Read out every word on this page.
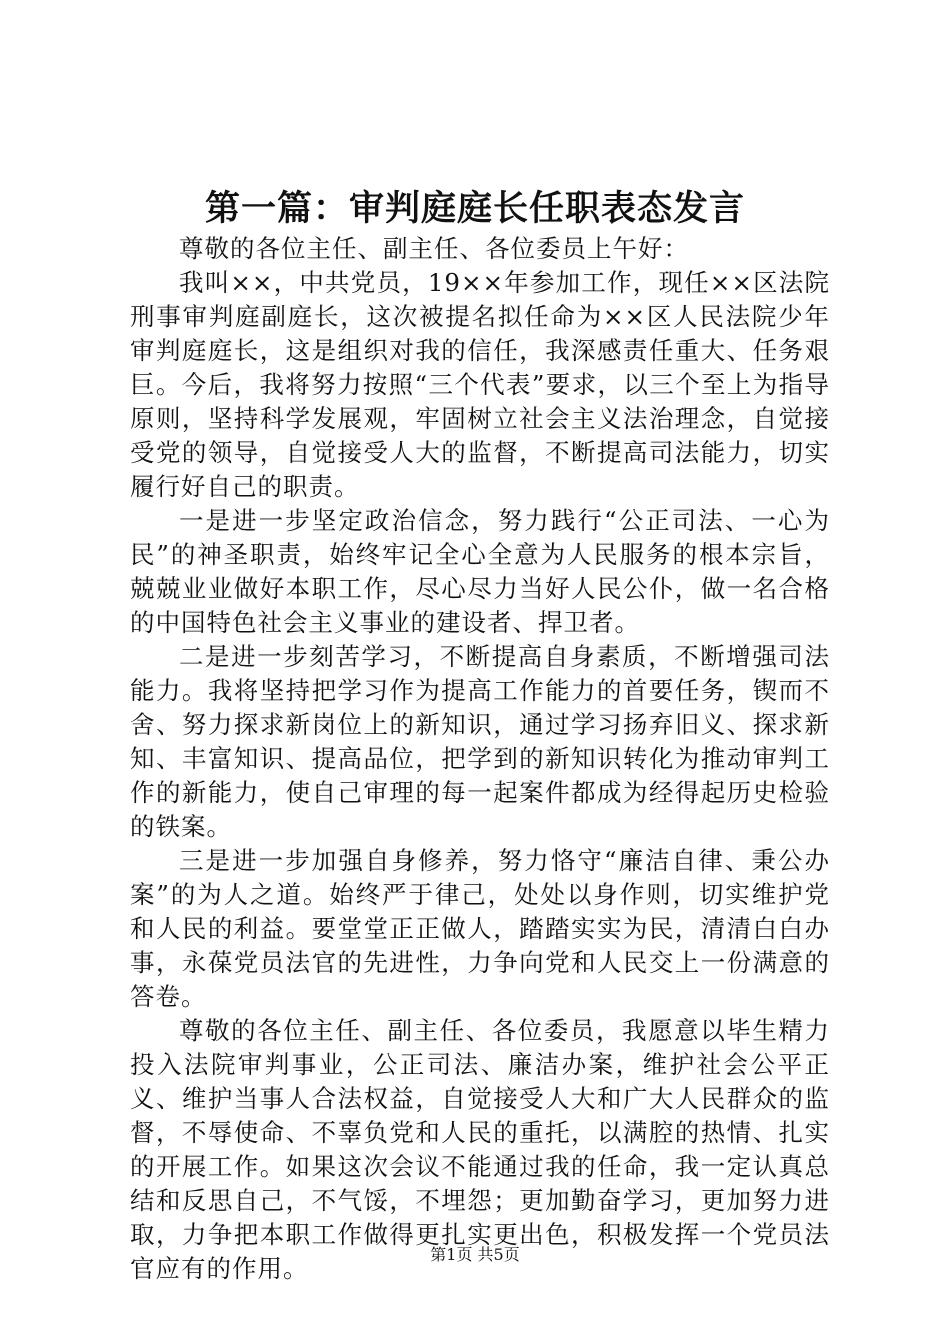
第一篇：审判庭庭长任职表态发言

尊敬的各位主任、副主任、各位委员上午好：

我叫××，中共党员，19××年参加工作，现任××区法院刑事审判庭副庭长，这次被提名拟任命为××区人民法院少年审判庭庭长，这是组织对我的信任，我深感责任重大、任务艰巨。今后，我将努力按照“三个代表”要求，以三个至上为指导原则，坚持科学发展观，牢固树立社会主义法治理念，自觉接受党的领导，自觉接受人大的监督，不断提高司法能力，切实履行好自己的职责。

一是进一步坚定政治信念，努力践行“公正司法、一心为民”的神圣职责，始终牢记全心全意为人民服务的根本宗旨，兢兢业业做好本职工作，尽心尽力当好人民公仆，做一名合格的中国特色社会主义事业的建设者、捍卫者。

二是进一步刻苦学习，不断提高自身素质，不断增强司法能力。我将坚持把学习作为提高工作能力的首要任务，锲而不舍、努力探求新岗位上的新知识，通过学习扬弃旧义、探求新知、丰富知识、提高品位，把学到的新知识转化为推动审判工作的新能力，使自己审理的每一起案件都成为经得起历史检验的铁案。

三是进一步加强自身修养，努力恪守“廉洁自律、秉公办案”的为人之道。始终严于律己，处处以身作则，切实维护党和人民的利益。要堂堂正正做人，踏踏实实为民，清清白白办事，永葆党员法官的先进性，力争向党和人民交上一份满意的答卷。

尊敬的各位主任、副主任、各位委员，我愿意以毕生精力投入法院审判事业，公正司法、廉洁办案，维护社会公平正义、维护当事人合法权益，自觉接受人大和广大人民群众的监督，不辱使命、不辜负党和人民的重托，以满腔的热情、扎实的开展工作。如果这次会议不能通过我的任命，我一定认真总结和反思自己，不气馁，不埋怨；更加勤奋学习，更加努力进取，力争把本职工作做得更扎实更出色，积极发挥一个党员法官应有的作用。	第1页 共5页
